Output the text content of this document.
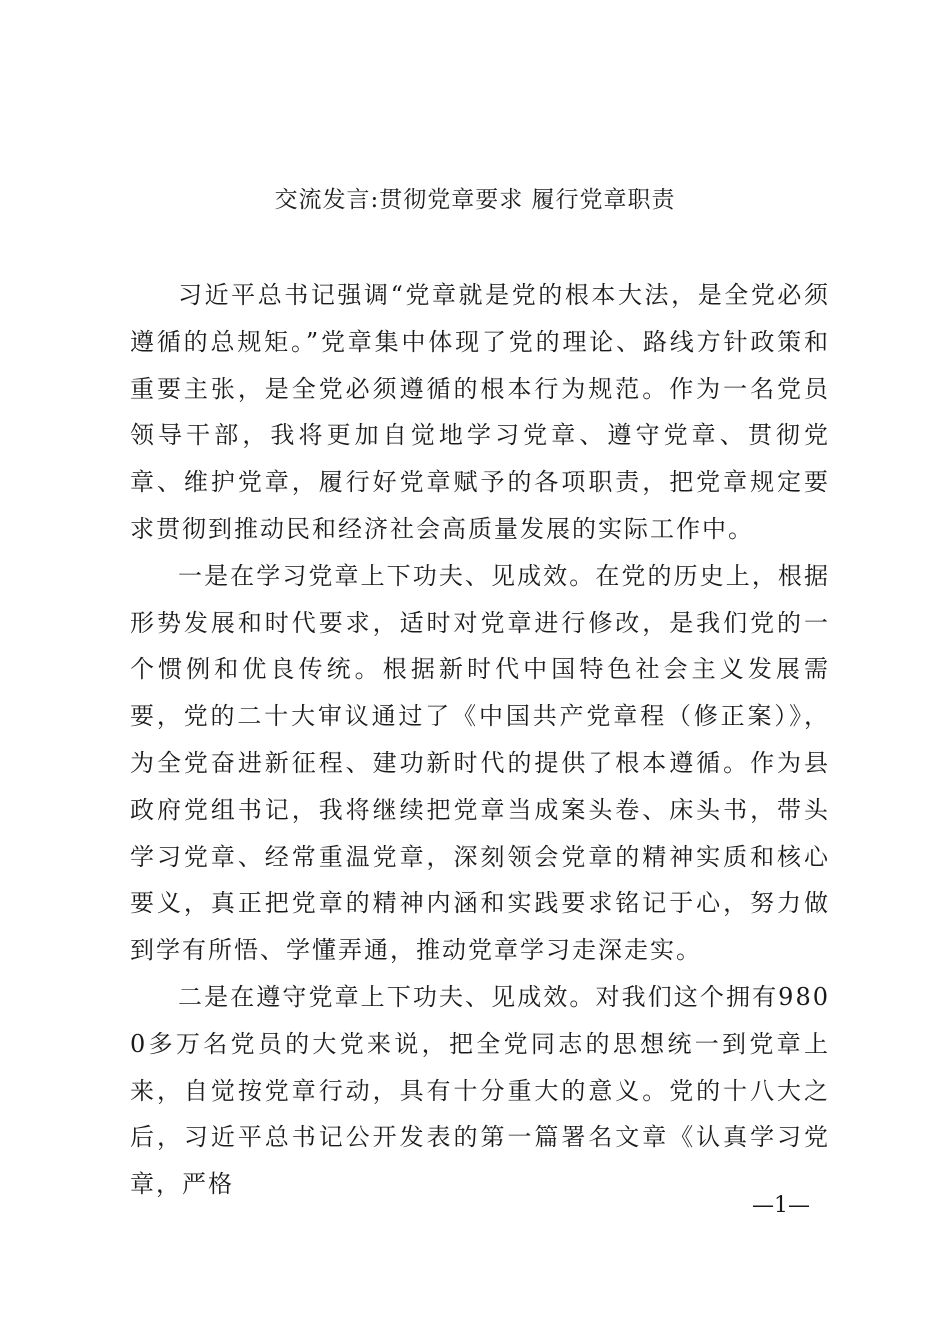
交流发言:贯彻党章要求 履行党章职责

习近平总书记强调“党章就是党的根本大法，是全党必须遵循的总规矩。”党章集中体现了党的理论、路线方针政策和重要主张，是全党必须遵循的根本行为规范。作为一名党员领导干部，我将更加自觉地学习党章、遵守党章、贯彻党章、维护党章，履行好党章赋予的各项职责，把党章规定要求贯彻到推动民和经济社会高质量发展的实际工作中。

一是在学习党章上下功夫、见成效。在党的历史上，根据形势发展和时代要求，适时对党章进行修改，是我们党的一个惯例和优良传统。根据新时代中国特色社会主义发展需要，党的二十大审议通过了《中国共产党章程（修正案）》，为全党奋进新征程、建功新时代的提供了根本遵循。作为县政府党组书记，我将继续把党章当成案头卷、床头书，带头学习党章、经常重温党章，深刻领会党章的精神实质和核心要义，真正把党章的精神内涵和实践要求铭记于心，努力做到学有所悟、学懂弄通，推动党章学习走深走实。

二是在遵守党章上下功夫、见成效。对我们这个拥有9800多万名党员的大党来说，把全党同志的思想统一到党章上来，自觉按党章行动，具有十分重大的意义。党的十八大之后，习近平总书记公开发表的第一篇署名文章《认真学习党章，严格

—1—
